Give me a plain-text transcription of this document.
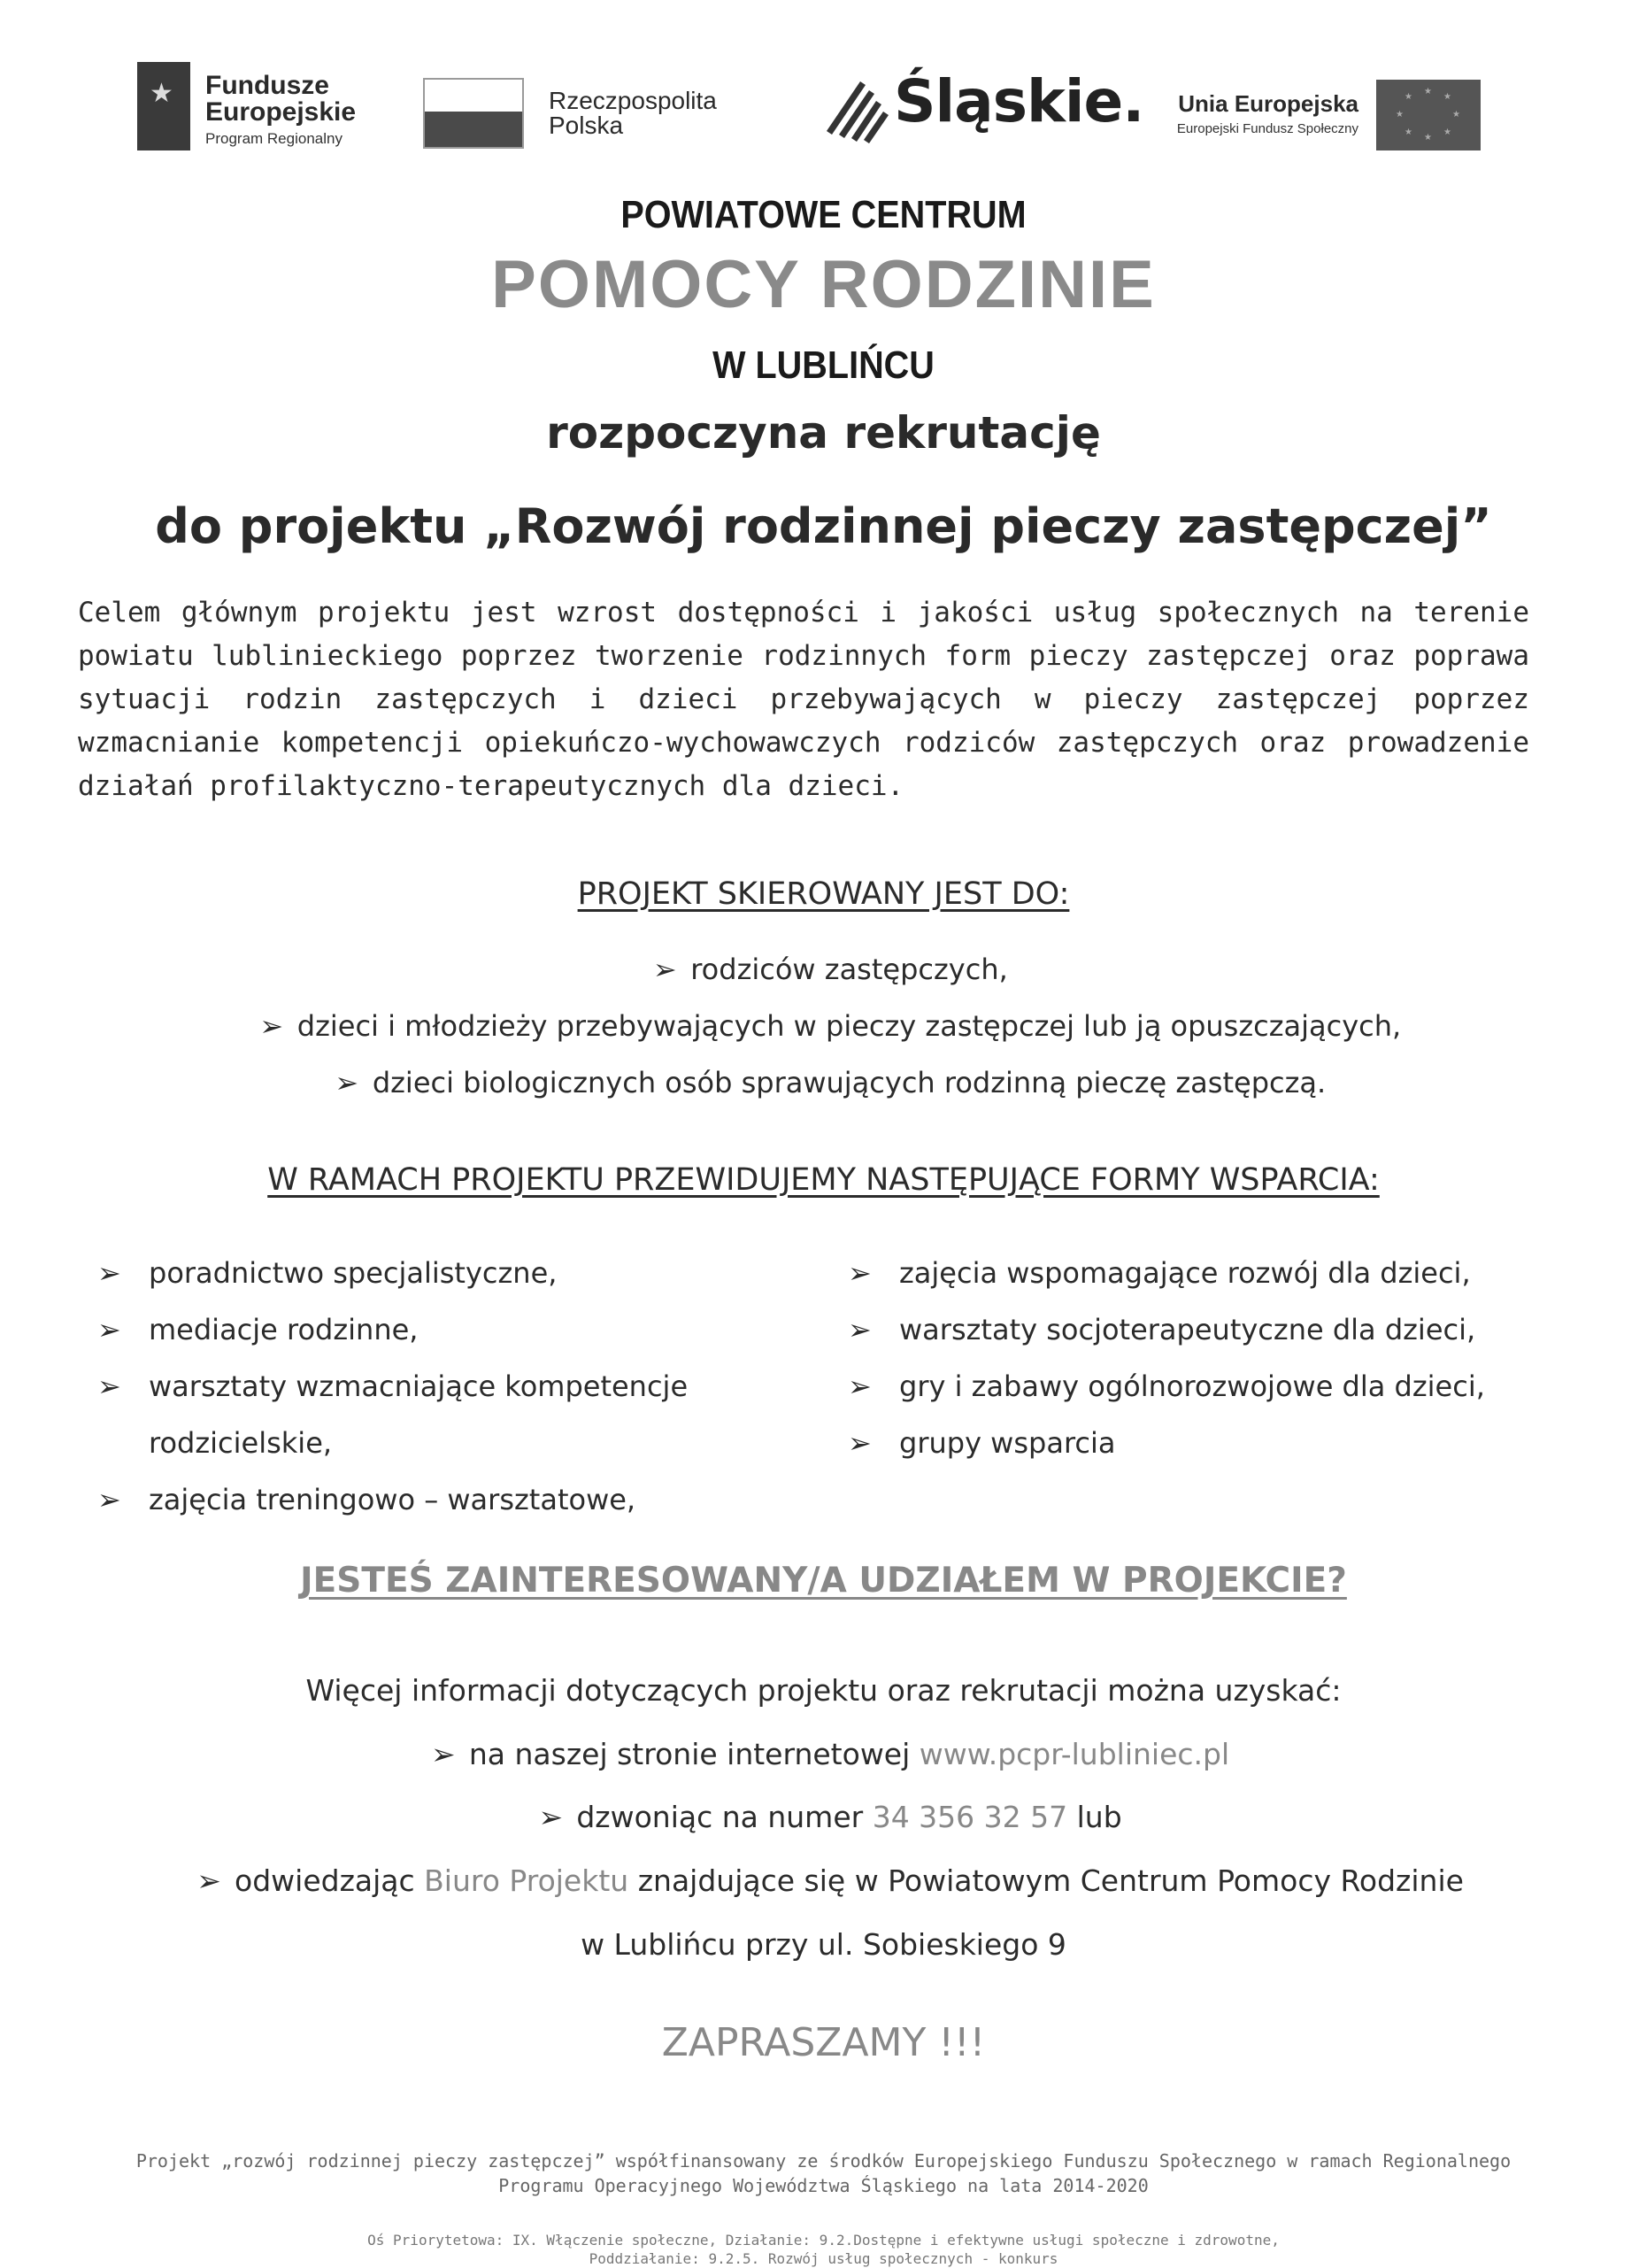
★ Fundusze
Europejskie
Program Regionalny
Rzeczpospolita
Polska	Śląskie.	Unia Europejska
Europejski Fundusz Społeczny
★
★
★
★
★
★
★
★
POWIATOWE CENTRUM
POMOCY RODZINIE
W LUBLIŃCU
rozpoczyna rekrutację
do projektu „Rozwój rodzinnej pieczy zastępczej”
Celem głównym projektu jest wzrost dostępności i jakości usług społecznych na terenie powiatu lublinieckiego poprzez tworzenie rodzinnych form pieczy zastępczej oraz poprawa sytuacji rodzin zastępczych i dzieci przebywających w pieczy zastępczej poprzez wzmacnianie kompetencji opiekuńczo-wychowawczych rodziców zastępczych oraz prowadzenie działań profilaktyczno-terapeutycznych dla dzieci.
PROJEKT SKIEROWANY JEST DO:
➢ rodziców zastępczych,
➢ dzieci i młodzieży przebywających w pieczy zastępczej lub ją opuszczających,
➢ dzieci biologicznych osób sprawujących rodzinną pieczę zastępczą.
W RAMACH PROJEKTU PRZEWIDUJEMY NASTĘPUJĄCE FORMY WSPARCIA:
➢ poradnictwo specjalistyczne,
➢ mediacje rodzinne,
➢ warsztaty wzmacniające kompetencje
rodzicielskie,
➢ zajęcia treningowo – warsztatowe,
➢ zajęcia wspomagające rozwój dla dzieci,
➢ warsztaty socjoterapeutyczne dla dzieci,
➢ gry i zabawy ogólnorozwojowe dla dzieci,
➢ grupy wsparcia
JESTEŚ ZAINTERESOWANY/A UDZIAŁEM W PROJEKCIE?
Więcej informacji dotyczących projektu oraz rekrutacji można uzyskać:
➢ na naszej stronie internetowej www.pcpr-lubliniec.pl
➢ dzwoniąc na numer 34 356 32 57 lub
➢ odwiedzając Biuro Projektu znajdujące się w Powiatowym Centrum Pomocy Rodzinie
w Lublińcu przy ul. Sobieskiego 9
ZAPRASZAMY !!!
Projekt „rozwój rodzinnej pieczy zastępczej” współfinansowany ze środków Europejskiego Funduszu Społecznego w ramach Regionalnego
Programu Operacyjnego Województwa Śląskiego na lata 2014-2020
Oś Priorytetowa: IX. Włączenie społeczne, Działanie: 9.2.Dostępne i efektywne usługi społeczne i zdrowotne,
Poddziałanie: 9.2.5. Rozwój usług społecznych - konkurs
